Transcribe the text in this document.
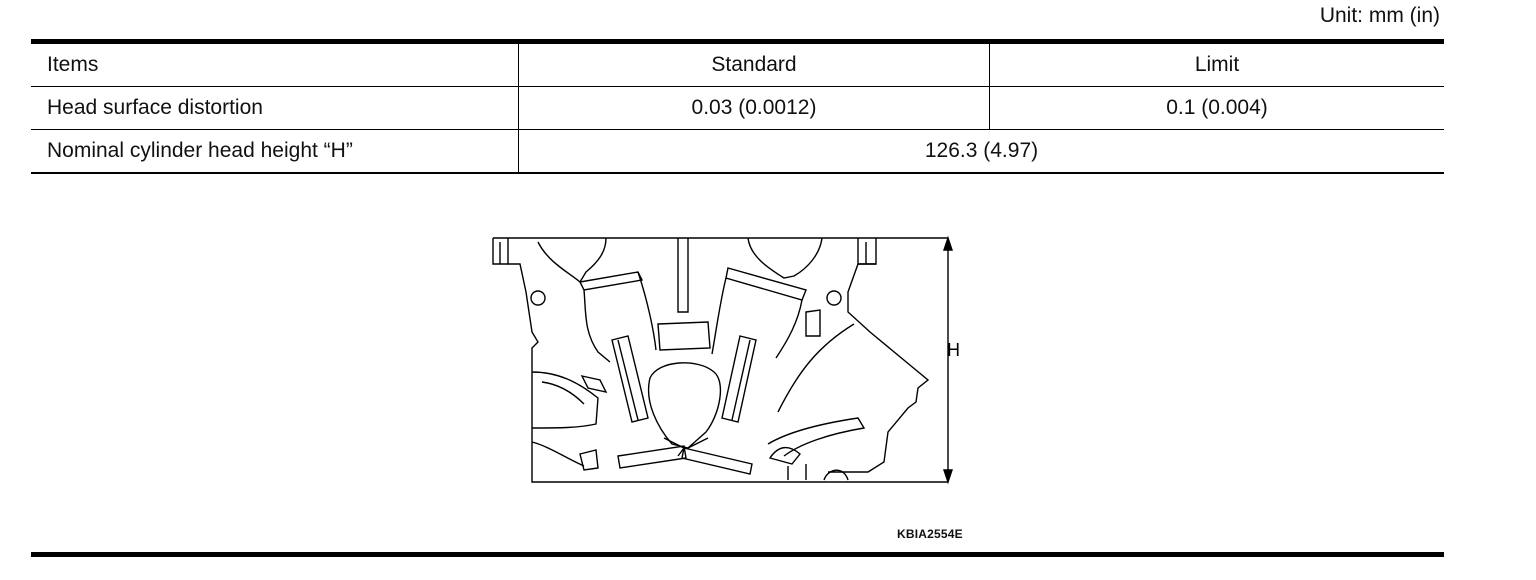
Unit: mm (in)
Items	Standard	Limit
Head surface distortion	0.03 (0.0012)	0.1 (0.004)
Nominal cylinder head height “H”	126.3 (4.97)	
H
KBIA2554E
